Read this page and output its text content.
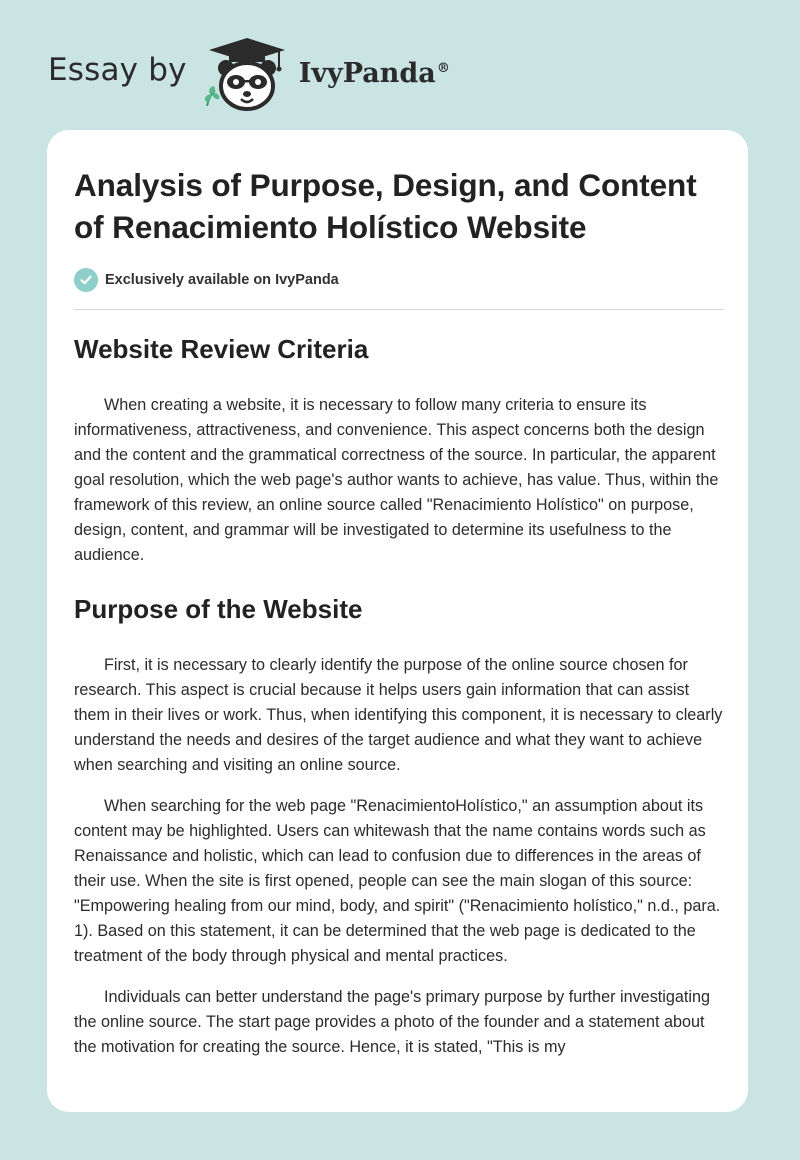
Essay by	IvyPanda®
Analysis of Purpose, Design, and Content of Renacimiento Holístico Website
Exclusively available on IvyPanda
Website Review Criteria

When creating a website, it is necessary to follow many criteria to ensure its informativeness, attractiveness, and convenience. This aspect concerns both the design and the content and the grammatical correctness of the source. In particular, the apparent goal resolution, which the web page's author wants to achieve, has value. Thus, within the framework of this review, an online source called "Renacimiento Holístico" on purpose, design, content, and grammar will be investigated to determine its usefulness to the audience.

Purpose of the Website

First, it is necessary to clearly identify the purpose of the online source chosen for research. This aspect is crucial because it helps users gain information that can assist them in their lives or work. Thus, when identifying this component, it is necessary to clearly understand the needs and desires of the target audience and what they want to achieve when searching and visiting an online source.

When searching for the web page "RenacimientoHolístico," an assumption about its content may be highlighted. Users can whitewash that the name contains words such as Renaissance and holistic, which can lead to confusion due to differences in the areas of their use. When the site is first opened, people can see the main slogan of this source: "Empowering healing from our mind, body, and spirit" ("Renacimiento holístico," n.d., para. 1). Based on this statement, it can be determined that the web page is dedicated to the treatment of the body through physical and mental practices.

Individuals can better understand the page's primary purpose by further investigating the online source. The start page provides a photo of the founder and a statement about the motivation for creating the source. Hence, it is stated, "This is my
